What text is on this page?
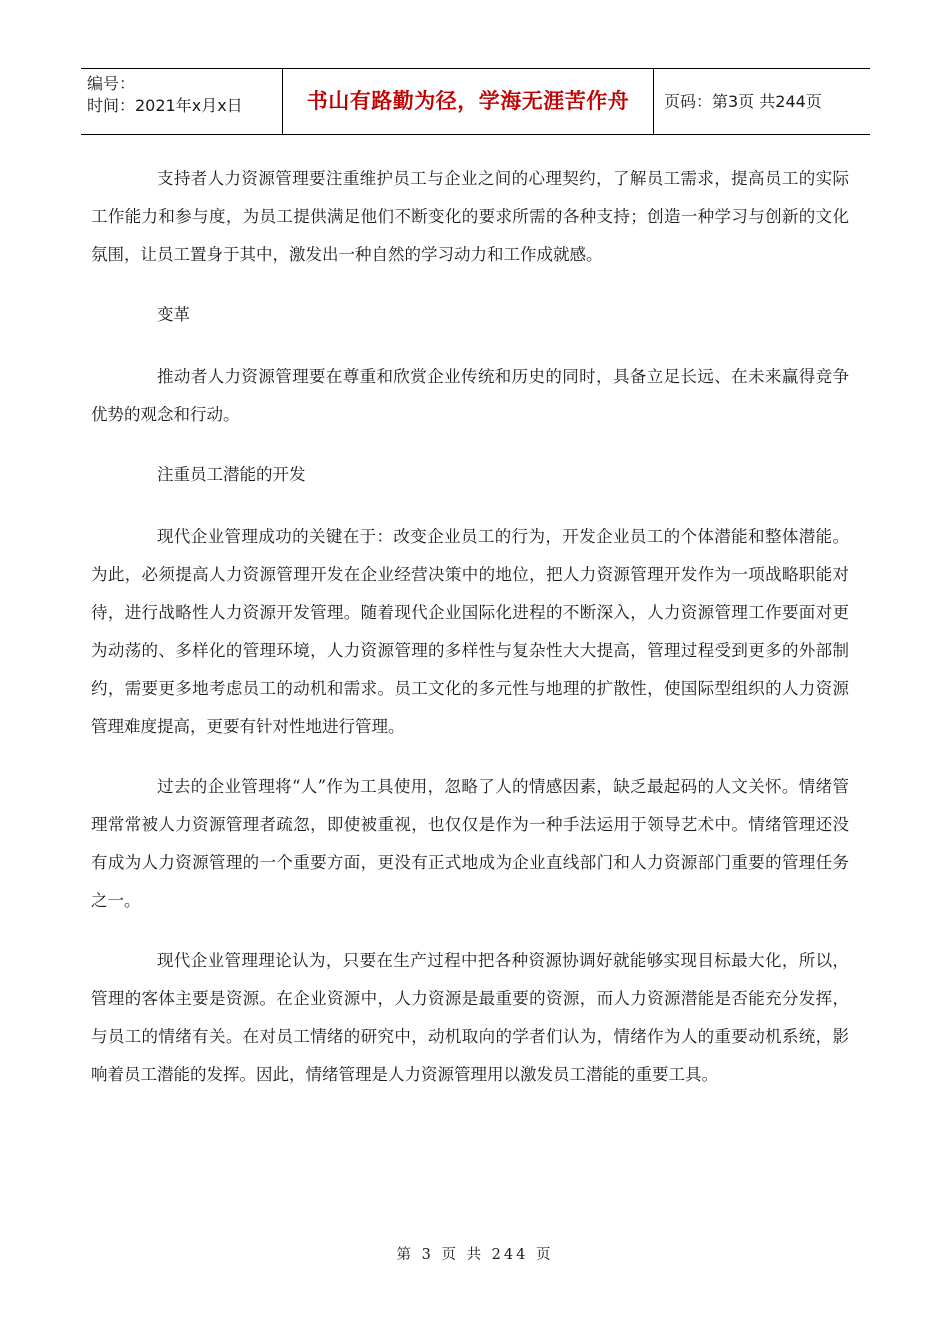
编号：
时间：2021年x月x日	书山有路勤为径，学海无涯苦作舟	页码：第3页 共244页

支持者人力资源管理要注重维护员工与企业之间的心理契约，了解员工需求，提高员工的实际工作能力和参与度，为员工提供满足他们不断变化的要求所需的各种支持；创造一种学习与创新的文化氛围，让员工置身于其中，激发出一种自然的学习动力和工作成就感。

变革

推动者人力资源管理要在尊重和欣赏企业传统和历史的同时，具备立足长远、在未来赢得竞争优势的观念和行动。

注重员工潜能的开发

现代企业管理成功的关键在于：改变企业员工的行为，开发企业员工的个体潜能和整体潜能。为此，必须提高人力资源管理开发在企业经营决策中的地位，把人力资源管理开发作为一项战略职能对待，进行战略性人力资源开发管理。随着现代企业国际化进程的不断深入，人力资源管理工作要面对更为动荡的、多样化的管理环境，人力资源管理的多样性与复杂性大大提高，管理过程受到更多的外部制约，需要更多地考虑员工的动机和需求。员工文化的多元性与地理的扩散性，使国际型组织的人力资源管理难度提高，更要有针对性地进行管理。

过去的企业管理将“人”作为工具使用，忽略了人的情感因素，缺乏最起码的人文关怀。情绪管理常常被人力资源管理者疏忽，即使被重视，也仅仅是作为一种手法运用于领导艺术中。情绪管理还没有成为人力资源管理的一个重要方面，更没有正式地成为企业直线部门和人力资源部门重要的管理任务之一。

现代企业管理理论认为，只要在生产过程中把各种资源协调好就能够实现目标最大化，所以，管理的客体主要是资源。在企业资源中，人力资源是最重要的资源，而人力资源潜能是否能充分发挥，与员工的情绪有关。在对员工情绪的研究中，动机取向的学者们认为，情绪作为人的重要动机系统，影响着员工潜能的发挥。因此，情绪管理是人力资源管理用以激发员工潜能的重要工具。

第 3 页 共 244 页
